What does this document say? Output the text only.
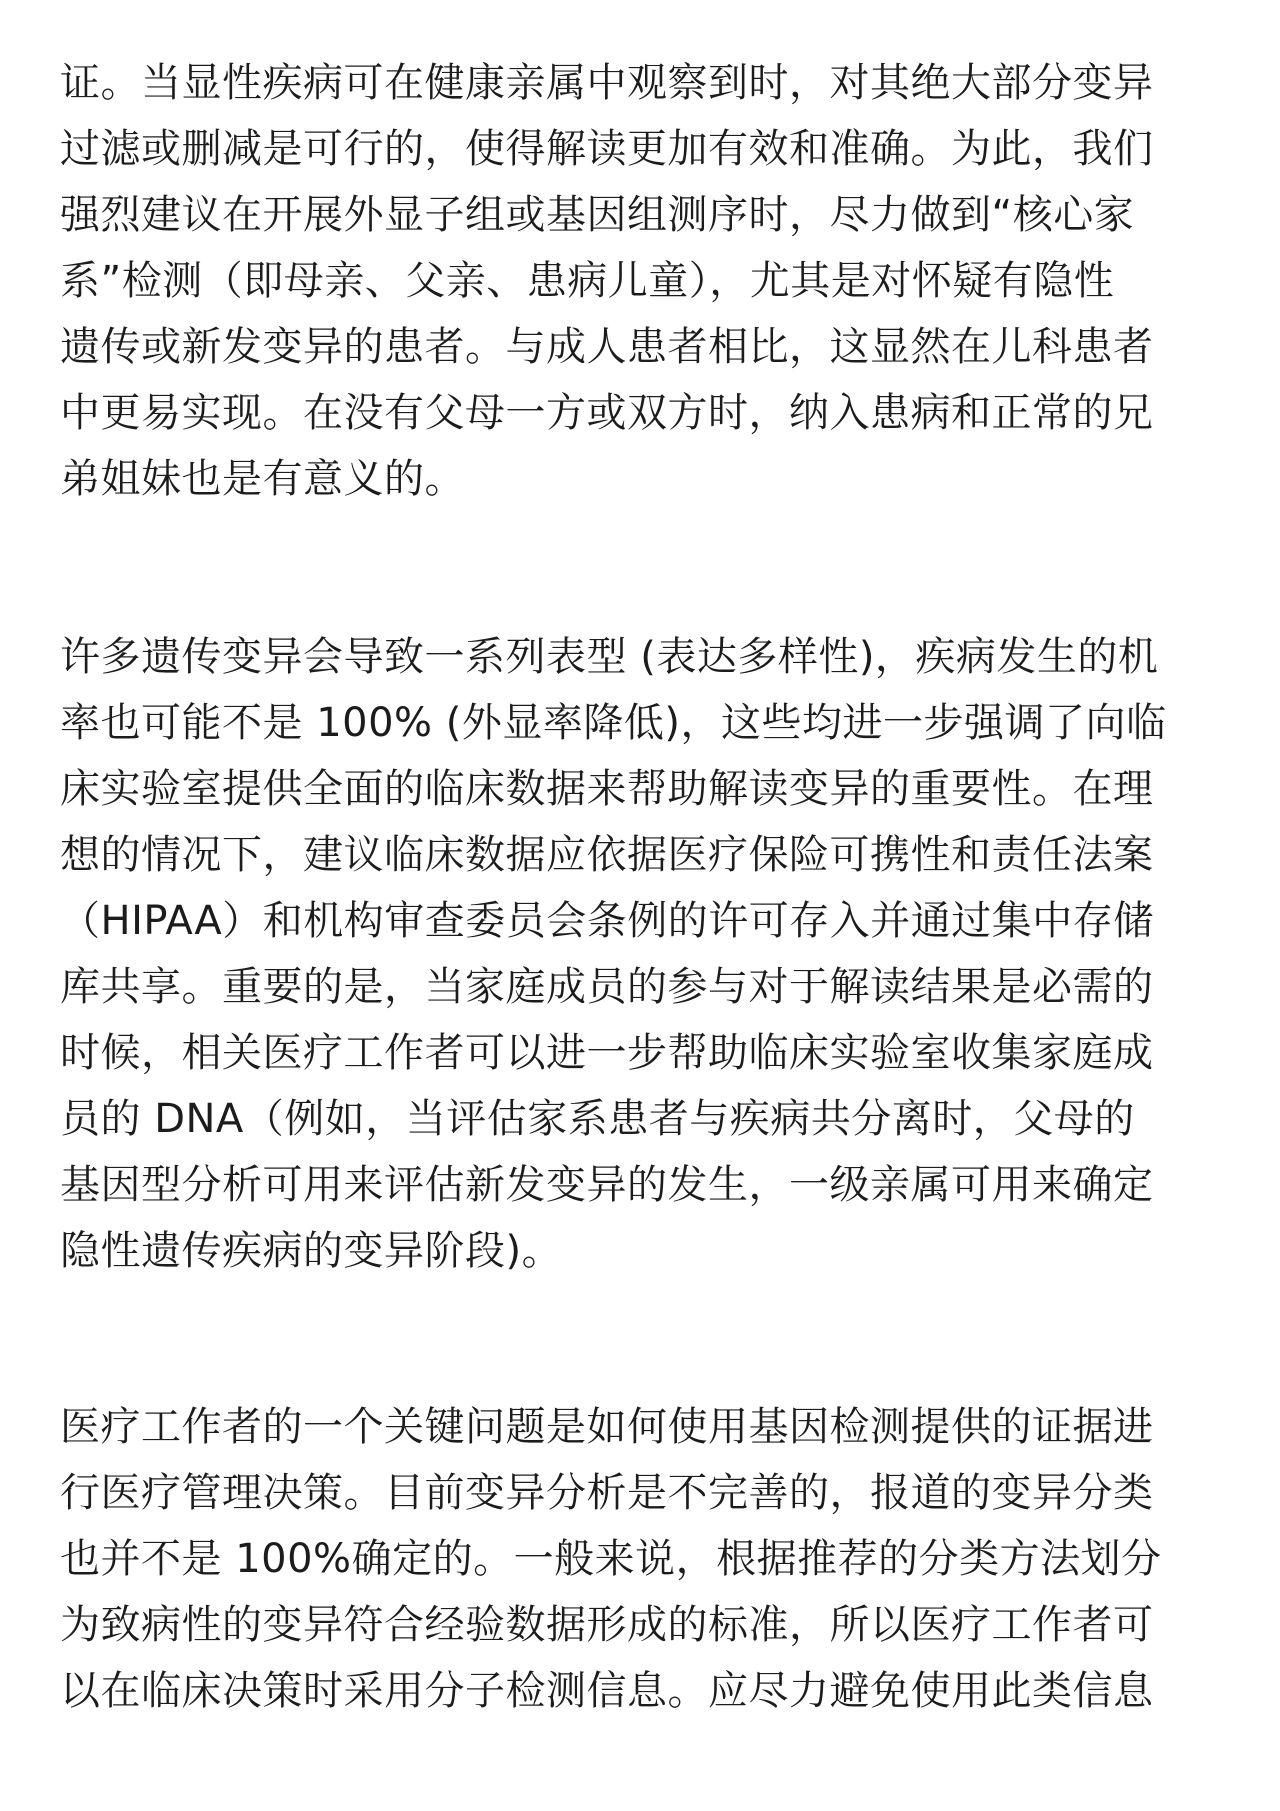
证。当显性疾病可在健康亲属中观察到时，对其绝大部分变异
过滤或删减是可行的，使得解读更加有效和准确。为此，我们
强烈建议在开展外显子组或基因组测序时，尽力做到“核心家
系”检测（即母亲、父亲、患病儿童），尤其是对怀疑有隐性
遗传或新发变异的患者。与成人患者相比，这显然在儿科患者
中更易实现。在没有父母一方或双方时，纳入患病和正常的兄
弟姐妹也是有意义的。
许多遗传变异会导致一系列表型 (表达多样性)，疾病发生的机
率也可能不是 100% (外显率降低)，这些均进一步强调了向临
床实验室提供全面的临床数据来帮助解读变异的重要性。在理
想的情况下，建议临床数据应依据医疗保险可携性和责任法案
（HIPAA）和机构审查委员会条例的许可存入并通过集中存储
库共享。重要的是，当家庭成员的参与对于解读结果是必需的
时候，相关医疗工作者可以进一步帮助临床实验室收集家庭成
员的 DNA（例如，当评估家系患者与疾病共分离时，父母的
基因型分析可用来评估新发变异的发生，一级亲属可用来确定
隐性遗传疾病的变异阶段)。
医疗工作者的一个关键问题是如何使用基因检测提供的证据进
行医疗管理决策。目前变异分析是不完善的，报道的变异分类
也并不是 100%确定的。一般来说，根据推荐的分类方法划分
为致病性的变异符合经验数据形成的标准，所以医疗工作者可
以在临床决策时采用分子检测信息。应尽力避免使用此类信息
